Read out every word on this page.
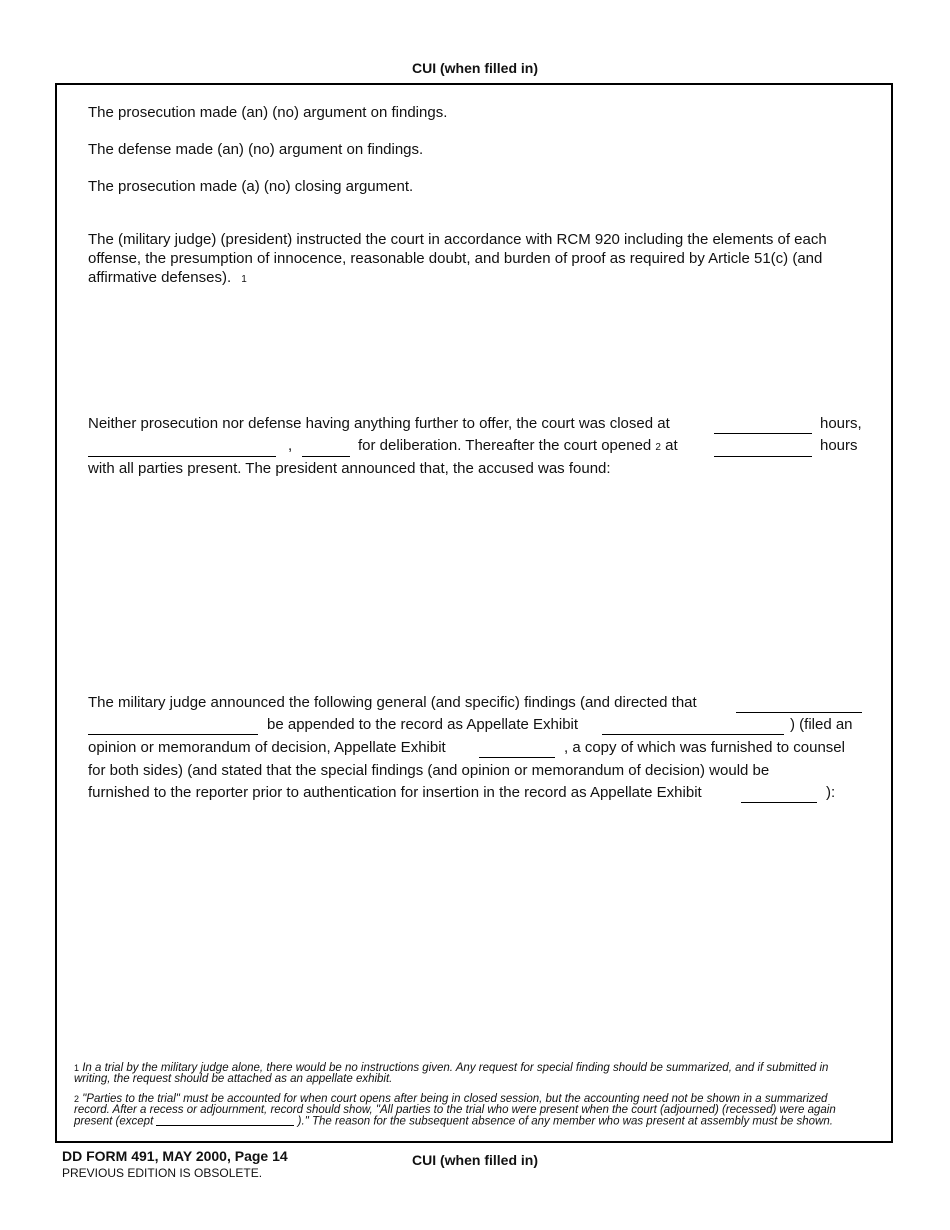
CUI (when filled in)
The prosecution made (an) (no) argument on findings.
The defense made (an) (no) argument on findings.
The prosecution made (a) (no) closing argument.
The (military judge) (president) instructed the court in accordance with RCM 920 including the elements of each
offense, the presumption of innocence, reasonable doubt, and burden of proof as required by Article 51(c) (and
affirmative defenses). 1
Neither prosecution nor defense having anything further to offer, the court was closed at	hours,
,	for deliberation. Thereafter the court opened 2 at	hours
with all parties present. The president announced that, the accused was found:
The military judge announced the following general (and specific) findings (and directed that
be appended to the record as Appellate Exhibit	) (filed an
opinion or memorandum of decision, Appellate Exhibit	, a copy of which was furnished to counsel
for both sides) (and stated that the special findings (and opinion or memorandum of decision) would be
furnished to the reporter prior to authentication for insertion in the record as Appellate Exhibit	):
1 In a trial by the military judge alone, there would be no instructions given. Any request for special finding should be summarized, and if submitted in writing, the request should be attached as an appellate exhibit.
2 "Parties to the trial" must be accounted for when court opens after being in closed session, but the accounting need not be shown in a summarized record. After a recess or adjournment, record should show, "All parties to the trial who were present when the court (adjourned) (recessed) were again present (except	)." The reason for the subsequent absence of any member who was present at assembly must be shown.
DD FORM 491, MAY 2000, Page 14	CUI (when filled in)
PREVIOUS EDITION IS OBSOLETE.
